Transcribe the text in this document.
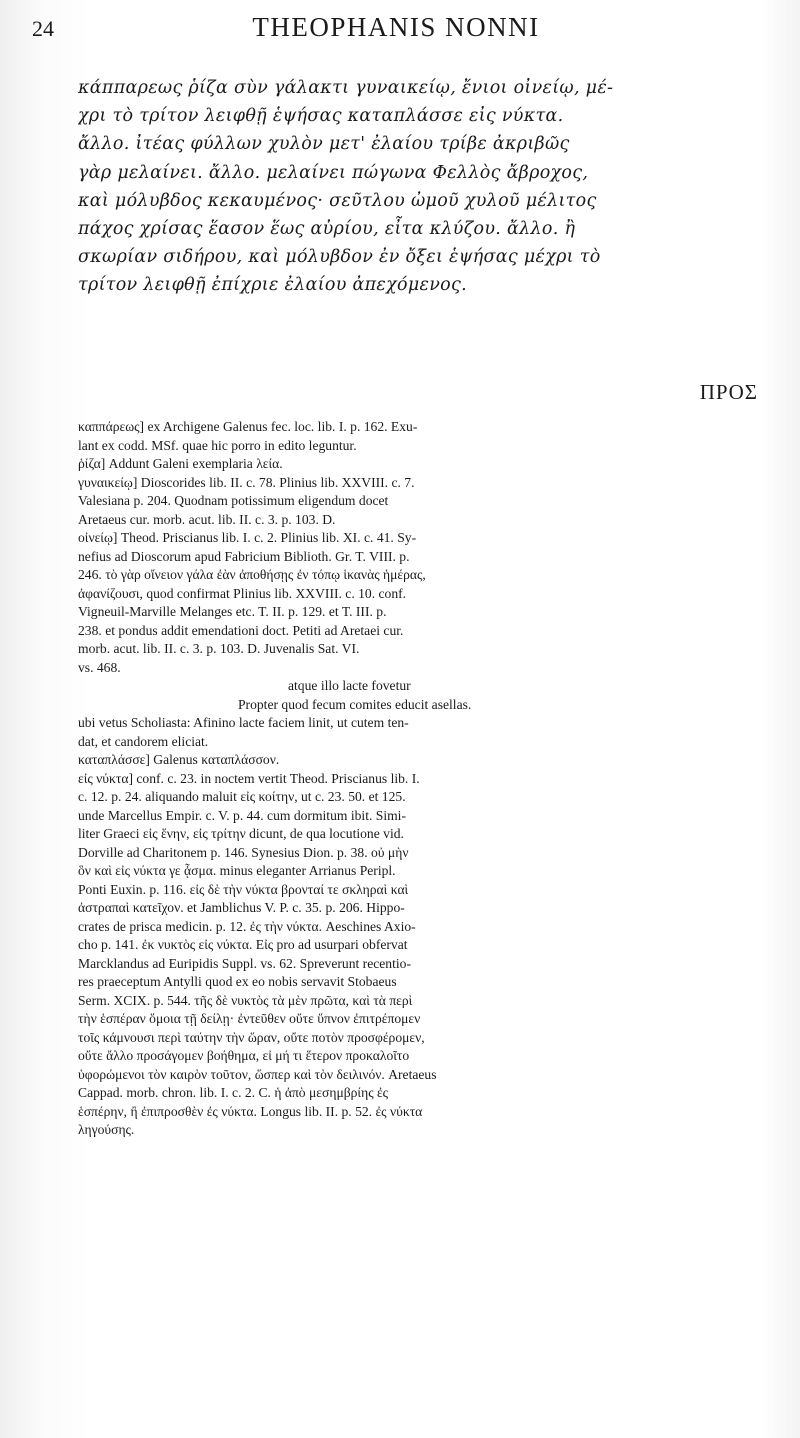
24	THEOPHANIS NONNI
κάππαρεως ῥίζα σὺν γάλακτι γυναικείῳ, ἔνιοι οἰνείῳ, μέ-
χρι τὸ τρίτον λειφθῇ ἑψήσας καταπλάσσε εἰς νύκτα.
ἄλλο. ἰτέας φύλλων χυλὸν μετ' ἐλαίου τρίβε ἀκριβῶς
γὰρ μελαίνει. ἄλλο. μελαίνει πώγωνα Φελλὸς ἄβροχος,
καὶ μόλυβδος κεκαυμένος· σεῦτλου ὠμοῦ χυλοῦ μέλιτος
πάχος χρίσας ἕασον ἕως αὐρίου, εἶτα κλύζου. ἄλλο. ἢ
σκωρίαν σιδήρου, καὶ μόλυβδον ἐν ὄξει ἑψήσας μέχρι τὸ
τρίτον λειφθῇ ἐπίχριε ἐλαίου ἀπεχόμενος.
ΠΡΟΣ

καππάρεως] ex Archigene Galenus fec. loc. lib. I. p. 162. Exu-

lant ex codd. MSf. quae hic porro in edito leguntur.

ῥίζα] Addunt Galeni exemplaria λεία.

γυναικείῳ] Dioscorides lib. II. c. 78. Plinius lib. XXVIII. c. 7.

Valesiana p. 204. Quodnam potissimum eligendum docet

Aretaeus cur. morb. acut. lib. II. c. 3. p. 103. D.

οἰνείῳ] Theod. Priscianus lib. I. c. 2. Plinius lib. XI. c. 41. Sy-

nefius ad Dioscorum apud Fabricium Biblioth. Gr. T. VIII. p.

246. τὸ γὰρ οἴνειον γάλα ἐὰν ἀποθήσῃς ἐν τόπῳ ἱκανὰς ἡμέρας,

ἀφανίζουσι, quod confirmat Plinius lib. XXVIII. c. 10. conf.

Vigneuil-Marville Melanges etc. T. II. p. 129. et T. III. p.

238. et pondus addit emendationi doct. Petiti ad Aretaei cur.

morb. acut. lib. II. c. 3. p. 103. D. Juvenalis Sat. VI.

vs. 468.

atque illo lacte fovetur

Propter quod fecum comites educit asellas.

ubi vetus Scholiasta: Afinino lacte faciem linit, ut cutem ten-

dat, et candorem eliciat.

καταπλάσσε] Galenus καταπλάσσον.

εἰς νύκτα] conf. c. 23. in noctem vertit Theod. Priscianus lib. I.

c. 12. p. 24. aliquando maluit εἰς κοίτην, ut c. 23. 50. et 125.

unde Marcellus Empir. c. V. p. 44. cum dormitum ibit. Simi-

liter Graeci εἰς ἕνην, εἰς τρίτην dicunt, de qua locutione vid.

Dorville ad Charitonem p. 146. Synesius Dion. p. 38. οὐ μὴν

ὃν καὶ εἰς νύκτα γε ᾆσμα. minus eleganter Arrianus Peripl.

Ponti Euxin. p. 116. εἰς δὲ τὴν νύκτα βρονταί τε σκληραὶ καὶ

ἀστραπαὶ κατεῖχον. et Jamblichus V. P. c. 35. p. 206. Hippo-

crates de prisca medicin. p. 12. ἐς τὴν νύκτα. Aeschines Axio-

cho p. 141. ἐκ νυκτὸς εἰς νύκτα. Εἰς pro ad usurpari obfervat

Marcklandus ad Euripidis Suppl. vs. 62. Spreverunt recentio-

res praeceptum Antylli quod ex eo nobis servavit Stobaeus

Serm. XCIX. p. 544. τῆς δὲ νυκτὸς τὰ μὲν πρῶτα, καὶ τὰ περὶ

τὴν ἑσπέραν ὅμοια τῇ δείλῃ· ἐντεῦθεν οὔτε ὕπνον ἐπιτρέπομεν

τοῖς κάμνουσι περὶ ταύτην τὴν ὥραν, οὔτε ποτὸν προσφέρομεν,

οὔτε ἄλλο προσάγομεν βοήθημα, εἰ μή τι ἕτερον προκαλοῖτο

ὑφορώμενοι τὸν καιρὸν τοῦτον, ὥσπερ καὶ τὸν δειλινόν. Aretaeus

Cappad. morb. chron. lib. I. c. 2. C. ἡ ἀπὸ μεσημβρίης ἐς

ἑσπέρην, ἢ ἐπιπροσθὲν ἐς νύκτα. Longus lib. II. p. 52. ἐς νύκτα

ληγούσης.
